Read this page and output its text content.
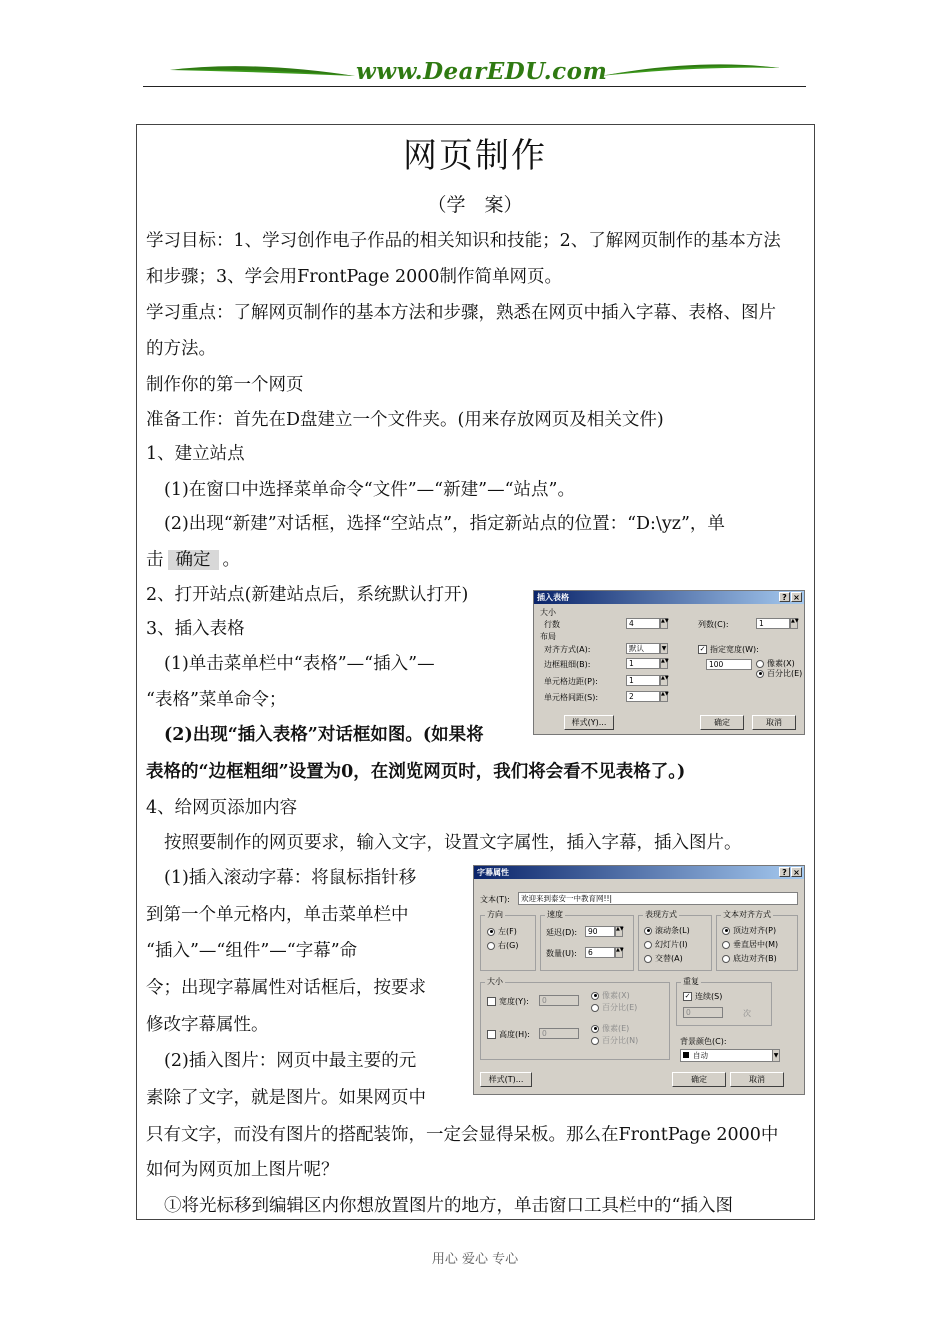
www.DearEDU.com
网页制作
（学　案）
学习目标：1、学习创作电子作品的相关知识和技能；2、了解网页制作的基本方法
和步骤；3、学会用FrontPage 2000制作简单网页。
学习重点：了解网页制作的基本方法和步骤，熟悉在网页中插入字幕、表格、图片
的方法。
制作你的第一个网页
准备工作：首先在D盘建立一个文件夹。(用来存放网页及相关文件)
1、建立站点
(1)在窗口中选择菜单命令“文件”—“新建”—“站点”。
(2)出现“新建”对话框，选择“空站点”，指定新站点的位置：“D:\yz”，单
击 确定 。
2、打开站点(新建站点后，系统默认打开)
3、插入表格
(1)单击菜单栏中“表格”—“插入”—
“表格”菜单命令；
(2)出现“插入表格”对话框如图。(如果将
表格的“边框粗细”设置为0，在浏览网页时，我们将会看不见表格了。)
4、给网页添加内容
按照要制作的网页要求，输入文字，设置文字属性，插入字幕，插入图片。
(1)插入滚动字幕：将鼠标指针移
到第一个单元格内，单击菜单栏中
“插入”—“组件”—“字幕”命
令；出现字幕属性对话框后，按要求
修改字幕属性。
(2)插入图片：网页中最主要的元
素除了文字，就是图片。如果网页中
只有文字，而没有图片的搭配装饰，一定会显得呆板。那么在FrontPage 2000中
如何为网页加上图片呢？
①将光标移到编辑区内你想放置图片的地方，单击窗口工具栏中的“插入图
插入表格	? ×
大小
行数	4	▲▼	列数(C):	1	▲▼
布局
对齐方式(A):	默认	▼
边框粗细(B):	1	▲▼
单元格边距(P):	1	▲▼
单元格间距(S):	2	▲▼
✓ 指定宽度(W):
100	像素(X)
百分比(E)
样式(Y)...	确定	取消
字幕属性	? ×
文本(T):	欢迎来到泰安一中教育网!!|
方向
左(F)
右(G)
速度
延迟(D):	90	▲▼
数量(U):	6	▲▼
表现方式
滚动条(L)
幻灯片(I)
交替(A)
文本对齐方式
顶边对齐(P)
垂直居中(M)
底边对齐(B)
大小
宽度(Y):	0
像素(X)
百分比(E)
高度(H):	0
像素(E)
百分比(N)
重复
✓ 连续(S)
0	次
背景颜色(C):
自动	▼
样式(T)...	确定	取消
用心 爱心 专心
